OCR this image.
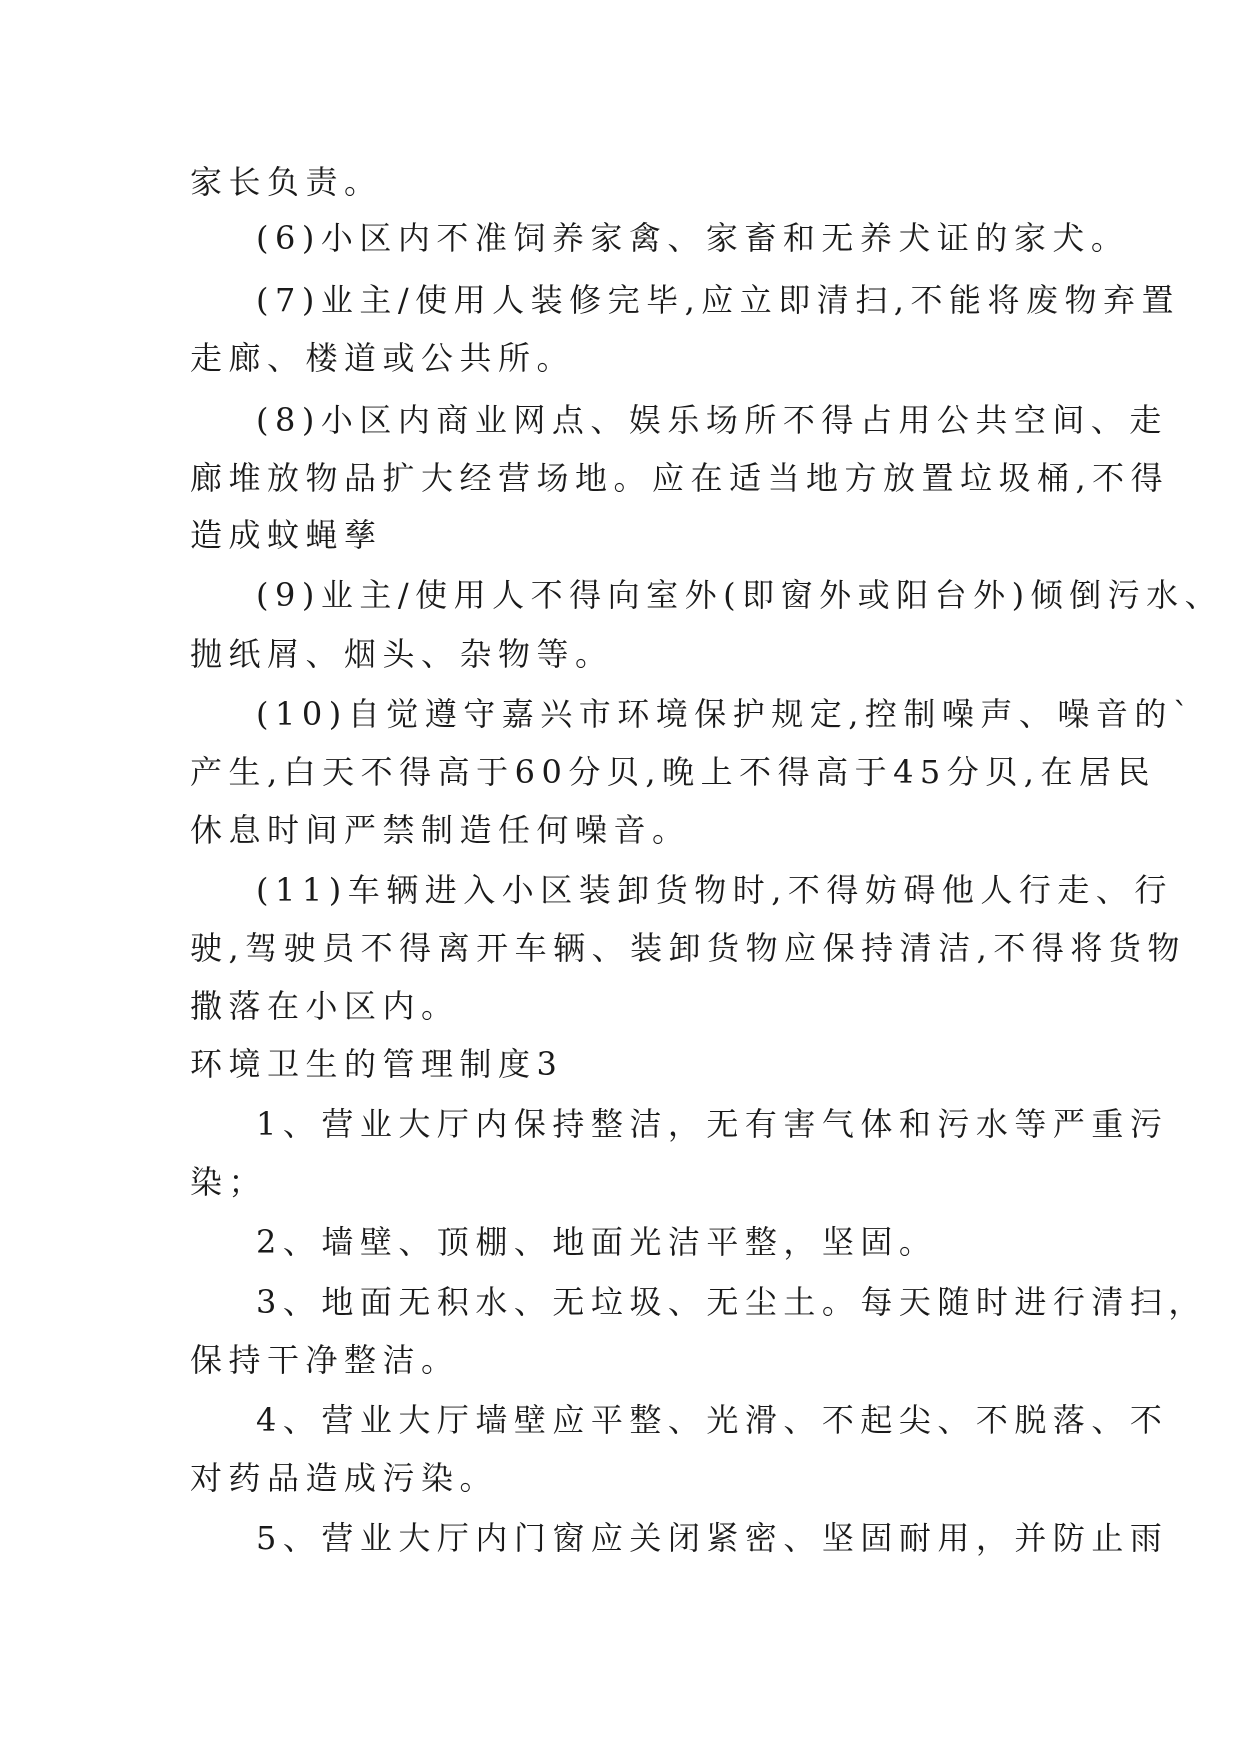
家长负责。
(6)小区内不准饲养家禽、家畜和无养犬证的家犬。
(7)业主/使用人装修完毕,应立即清扫,不能将废物弃置
走廊、楼道或公共所。
(8)小区内商业网点、娱乐场所不得占用公共空间、走
廊堆放物品扩大经营场地。应在适当地方放置垃圾桶,不得
造成蚊蝇孳
(9)业主/使用人不得向室外(即窗外或阳台外)倾倒污水、
抛纸屑、烟头、杂物等。
(10)自觉遵守嘉兴市环境保护规定,控制噪声、噪音的`
产生,白天不得高于60分贝,晚上不得高于45分贝,在居民
休息时间严禁制造任何噪音。
(11)车辆进入小区装卸货物时,不得妨碍他人行走、行
驶,驾驶员不得离开车辆、装卸货物应保持清洁,不得将货物
撒落在小区内。
环境卫生的管理制度3
1、营业大厅内保持整洁，无有害气体和污水等严重污
染；
2、墙壁、顶棚、地面光洁平整，坚固。
3、地面无积水、无垃圾、无尘土。每天随时进行清扫，
保持干净整洁。
4、营业大厅墙壁应平整、光滑、不起尖、不脱落、不
对药品造成污染。
5、营业大厅内门窗应关闭紧密、坚固耐用，并防止雨
